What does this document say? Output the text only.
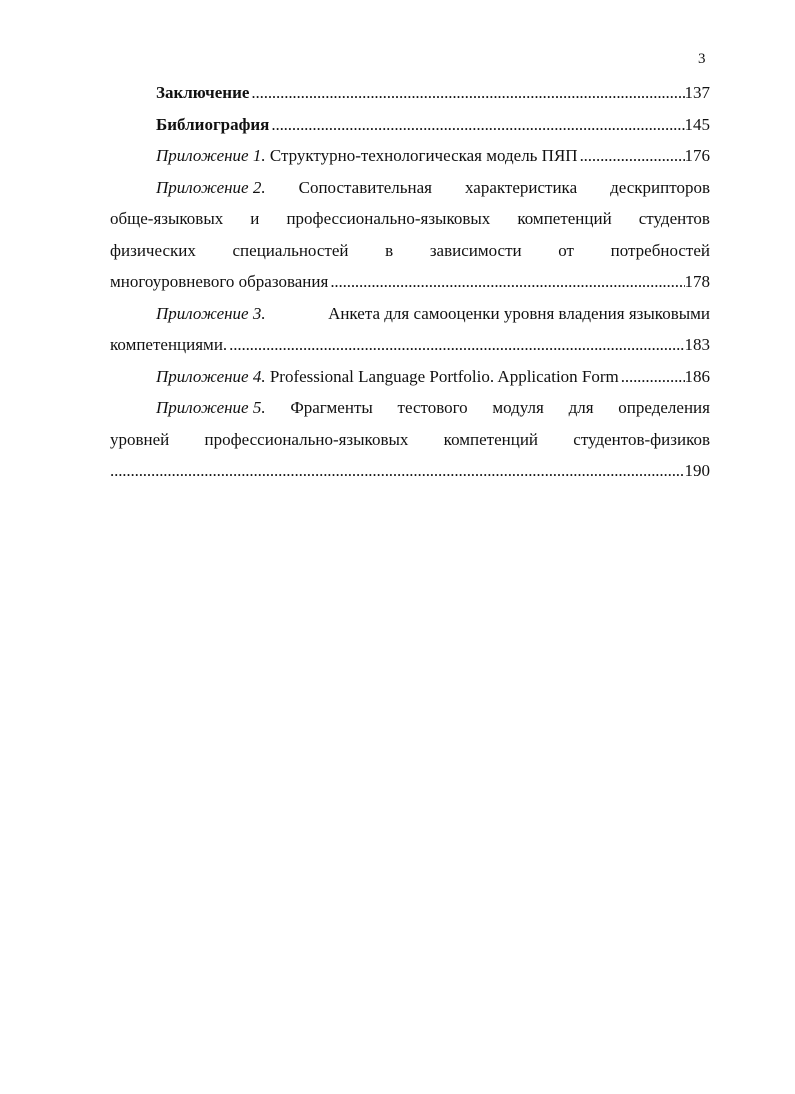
3
Заключение . . .	137
Библиография . . .	145
Приложение 1.
Структурно-технологическая модель ПЯП . . .	176
Приложение 2. Сопоставительная характеристика дескрипторов
обще-языковых и профессионально-языковых компетенций студентов
физических специальностей в зависимости от потребностей
многоуровневого образования . . .	178
Приложение 3.	Анкета для самооценки уровня владения языковыми
компетенциями. . . .	183
Приложение 4.
Professional Language Portfolio. Application Form . . .	186
Приложение 5. Фрагменты тестового модуля для определения
уровней профессионально-языковых компетенций студентов-физиков
. . .
190
